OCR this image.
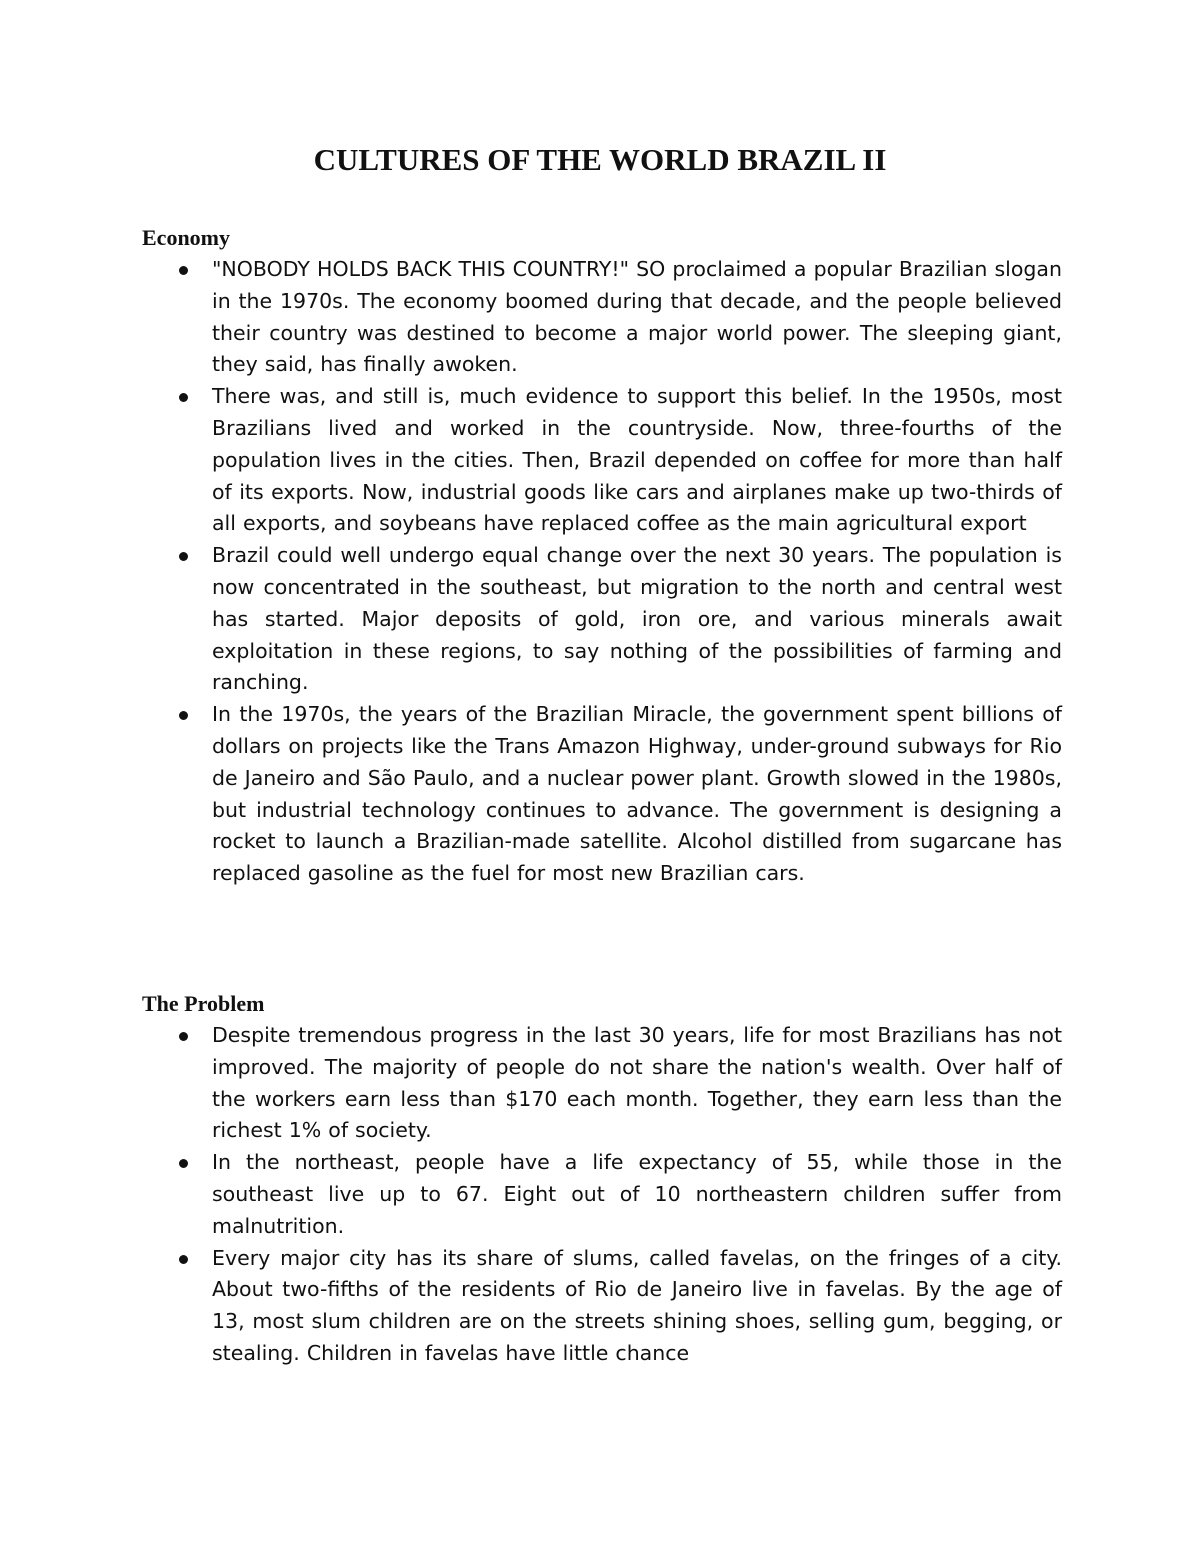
CULTURES OF THE WORLD BRAZIL II
Economy
"NOBODY HOLDS BACK THIS COUNTRY!" SO proclaimed a popular Brazilian slogan in the 1970s. The economy boomed during that decade, and the people believed their country was destined to become a major world power. The sleeping giant, they said, has finally awoken.
There was, and still is, much evidence to support this belief. In the 1950s, most Brazilians lived and worked in the countryside. Now, three-fourths of the population lives in the cities. Then, Brazil depended on coffee for more than half of its exports. Now, industrial goods like cars and airplanes make up two-thirds of all exports, and soybeans have replaced coffee as the main agricultural export
Brazil could well undergo equal change over the next 30 years. The population is now concentrated in the southeast, but migration to the north and central west has started. Major deposits of gold, iron ore, and various minerals await exploitation in these regions, to say nothing of the possibilities of farming and ranching.
In the 1970s, the years of the Brazilian Miracle, the government spent billions of dollars on projects like the Trans Amazon Highway, under-ground subways for Rio de Janeiro and São Paulo, and a nuclear power plant. Growth slowed in the 1980s, but industrial technology continues to advance. The government is designing a rocket to launch a Brazilian-made satellite. Alcohol distilled from sugarcane has replaced gasoline as the fuel for most new Brazilian cars.
The Problem
Despite tremendous progress in the last 30 years, life for most Brazilians has not improved. The majority of people do not share the nation's wealth. Over half of the workers earn less than $170 each month. Together, they earn less than the richest 1% of society.
In the northeast, people have a life expectancy of 55, while those in the southeast live up to 67. Eight out of 10 northeastern children suffer from malnutrition.
Every major city has its share of slums, called favelas, on the fringes of a city. About two-fifths of the residents of Rio de Janeiro live in favelas. By the age of 13, most slum children are on the streets shining shoes, selling gum, begging, or stealing. Children in favelas have little chance
